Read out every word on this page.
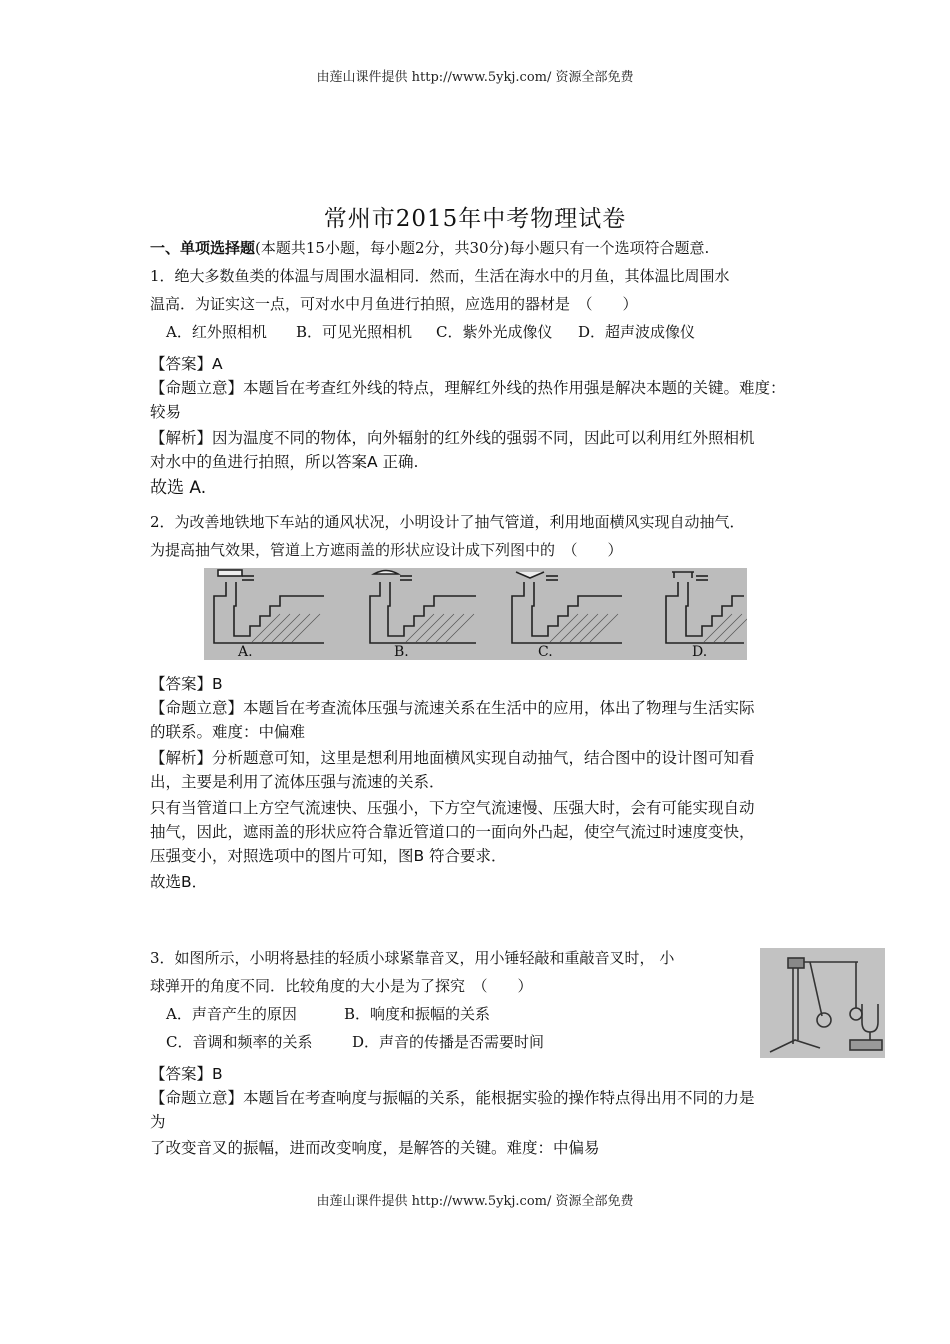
由莲山课件提供 http://www.5ykj.com/ 资源全部免费
由莲山课件提供 http://www.5ykj.com/ 资源全部免费
常州市2015年中考物理试卷
一、单项选择题(本题共15小题，每小题2分，共30分)每小题只有一个选项符合题意.
1．绝大多数鱼类的体温与周围水温相同．然而，生活在海水中的月鱼，其体温比周围水
温高．为证实这一点，可对水中月鱼进行拍照，应选用的器材是　（　　）
A．红外照相机 B．可见光照相机 C．紫外光成像仪 D．超声波成像仪
【答案】A
【命题立意】本题旨在考查红外线的特点，理解红外线的热作用强是解决本题的关键。难度：
较易
【解析】因为温度不同的物体，向外辐射的红外线的强弱不同，因此可以利用红外照相机
对水中的鱼进行拍照，所以答案A 正确.
故选 A.
2．为改善地铁地下车站的通风状况，小明设计了抽气管道，利用地面横风实现自动抽气．
为提高抽气效果，管道上方遮雨盖的形状应设计成下列图中的　（　　）
A.	B.	C.	D.
【答案】B
【命题立意】本题旨在考查流体压强与流速关系在生活中的应用，体出了物理与生活实际
的联系。难度：中偏难
【解析】分析题意可知，这里是想利用地面横风实现自动抽气，结合图中的设计图可知看
出，主要是利用了流体压强与流速的关系．
只有当管道口上方空气流速快、压强小，下方空气流速慢、压强大时，会有可能实现自动
抽气，因此，遮雨盖的形状应符合靠近管道口的一面向外凸起，使空气流过时速度变快，
压强变小，对照选项中的图片可知，图B 符合要求．
故选B．
3．如图所示，小明将悬挂的轻质小球紧靠音叉，用小锤轻敲和重敲音叉时， 小
球弹开的角度不同．比较角度的大小是为了探究　（　　）
A．声音产生的原因	B．响度和振幅的关系
C．音调和频率的关系	D．声音的传播是否需要时间
【答案】B
【命题立意】本题旨在考查响度与振幅的关系，能根据实验的操作特点得出用不同的力是
为
了改变音叉的振幅，进而改变响度，是解答的关键。难度：中偏易
